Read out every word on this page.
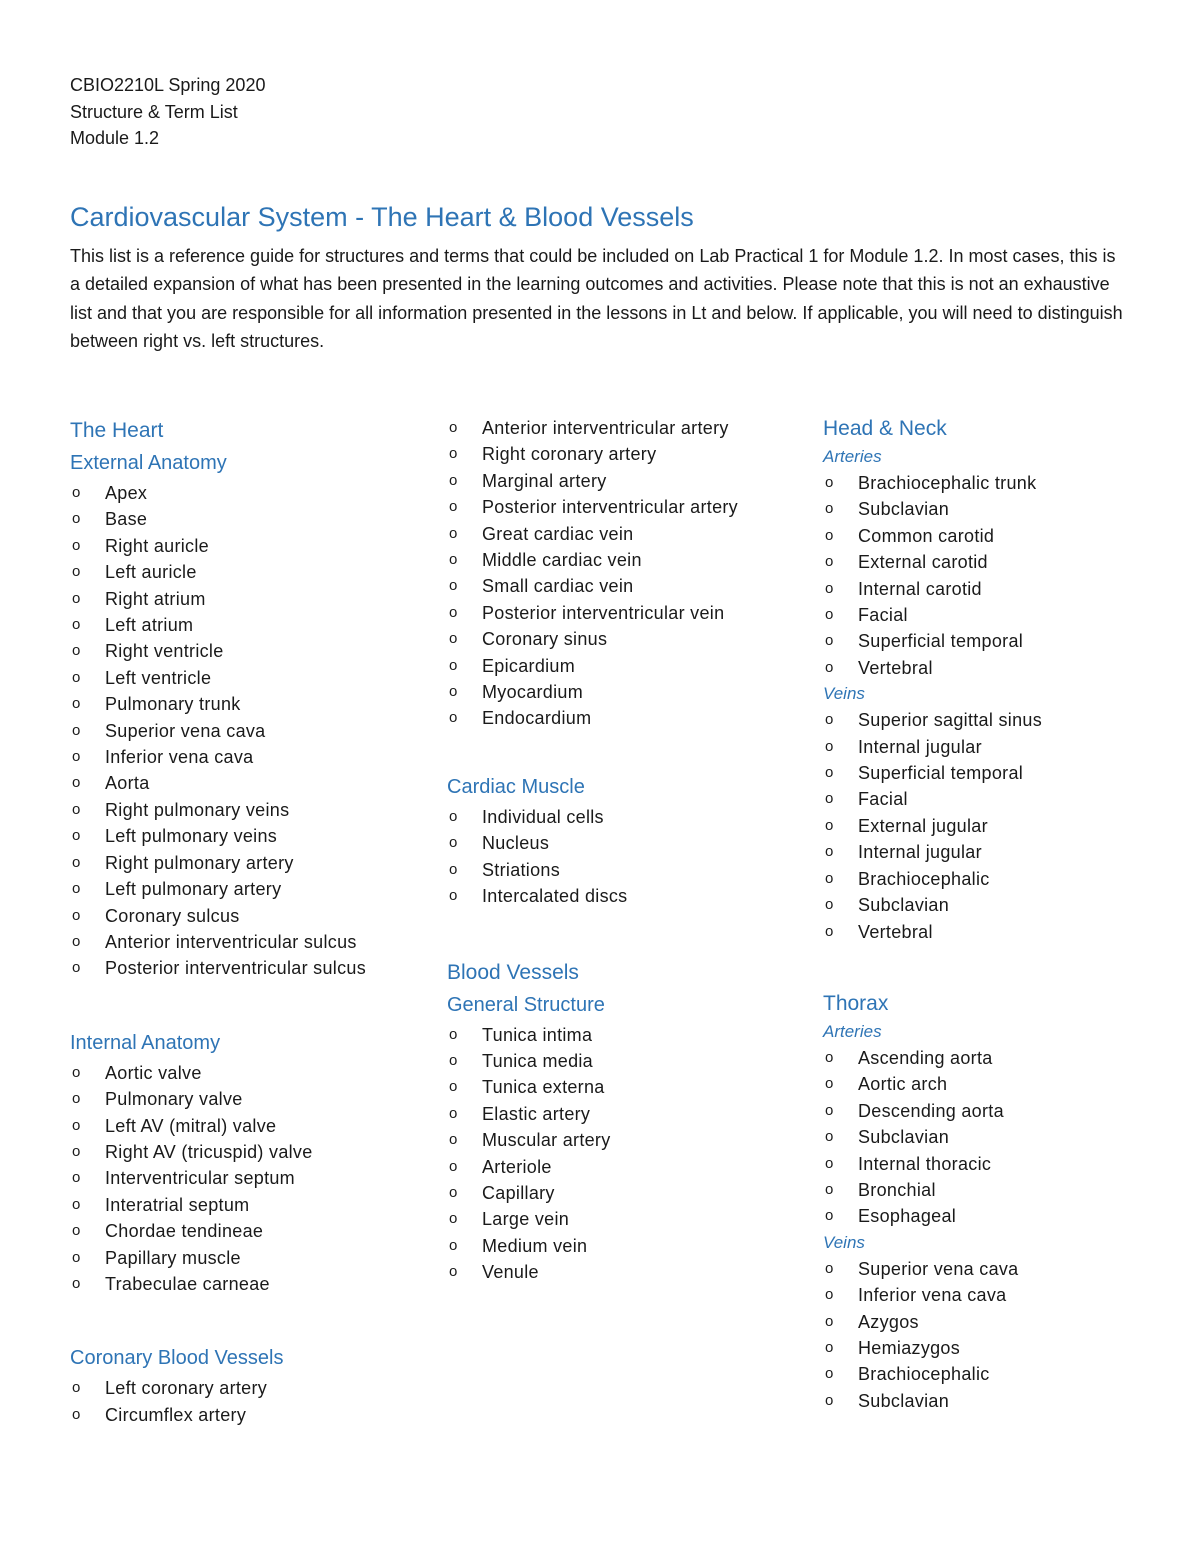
CBIO2210L Spring 2020
Structure & Term List
Module 1.2
Cardiovascular System - The Heart & Blood Vessels

This list is a reference guide for structures and terms that could be included on Lab Practical 1 for Module 1.2. In most cases, this is a detailed expansion of what has been presented in the learning outcomes and activities. Please note that this is not an exhaustive list and that you are responsible for all information presented in the lessons in Lt and below. If applicable, you will need to distinguish between right vs. left structures.

The Heart
External Anatomy
o Apex
o Base
o Right auricle
o Left auricle
o Right atrium
o Left atrium
o Right ventricle
o Left ventricle
o Pulmonary trunk
o Superior vena cava
o Inferior vena cava
o Aorta
o Right pulmonary veins
o Left pulmonary veins
o Right pulmonary artery
o Left pulmonary artery
o Coronary sulcus
o Anterior interventricular sulcus
o Posterior interventricular sulcus
Internal Anatomy
o Aortic valve
o Pulmonary valve
o Left AV (mitral) valve
o Right AV (tricuspid) valve
o Interventricular septum
o Interatrial septum
o Chordae tendineae
o Papillary muscle
o Trabeculae carneae
Coronary Blood Vessels
o Left coronary artery
o Circumflex artery
o Anterior interventricular artery
o Right coronary artery
o Marginal artery
o Posterior interventricular artery
o Great cardiac vein
o Middle cardiac vein
o Small cardiac vein
o Posterior interventricular vein
o Coronary sinus
o Epicardium
o Myocardium
o Endocardium
Cardiac Muscle
o Individual cells
o Nucleus
o Striations
o Intercalated discs
Blood Vessels
General Structure
o Tunica intima
o Tunica media
o Tunica externa
o Elastic artery
o Muscular artery
o Arteriole
o Capillary
o Large vein
o Medium vein
o Venule
Head & Neck
Arteries
o Brachiocephalic trunk
o Subclavian
o Common carotid
o External carotid
o Internal carotid
o Facial
o Superficial temporal
o Vertebral
Veins
o Superior sagittal sinus
o Internal jugular
o Superficial temporal
o Facial
o External jugular
o Internal jugular
o Brachiocephalic
o Subclavian
o Vertebral
Thorax
Arteries
o Ascending aorta
o Aortic arch
o Descending aorta
o Subclavian
o Internal thoracic
o Bronchial
o Esophageal
Veins
o Superior vena cava
o Inferior vena cava
o Azygos
o Hemiazygos
o Brachiocephalic
o Subclavian
